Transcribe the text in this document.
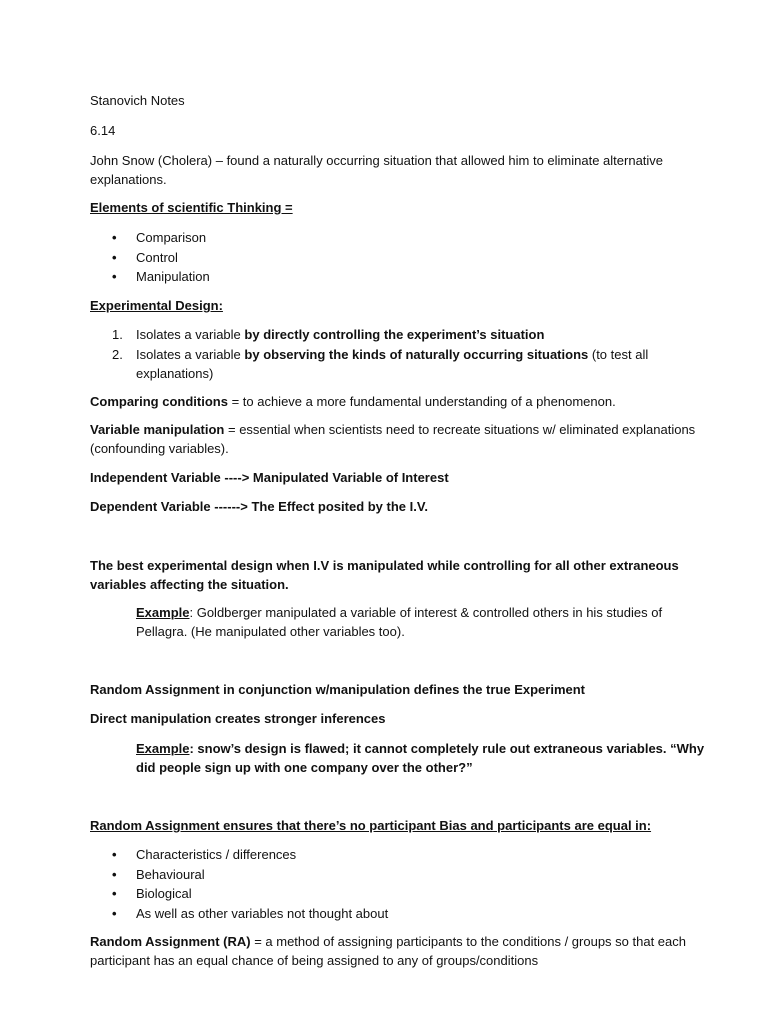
Stanovich Notes

6.14

John Snow (Cholera) – found a naturally occurring situation that allowed him to eliminate alternative explanations.

Elements of scientific Thinking =

• Comparison
• Control
• Manipulation

Experimental Design:

1. Isolates a variable by directly controlling the experiment’s situation
2. Isolates a variable by observing the kinds of naturally occurring situations (to test all explanations)

Comparing conditions = to achieve a more fundamental understanding of a phenomenon.

Variable manipulation = essential when scientists need to recreate situations w/ eliminated explanations (confounding variables).

Independent Variable ----> Manipulated Variable of Interest

Dependent Variable ------> The Effect posited by the I.V.

The best experimental design when I.V is manipulated while controlling for all other extraneous variables affecting the situation.

Example: Goldberger manipulated a variable of interest & controlled others in his studies of Pellagra. (He manipulated other variables too).

Random Assignment in conjunction w/manipulation defines the true Experiment

Direct manipulation creates stronger inferences

Example: snow’s design is flawed; it cannot completely rule out extraneous variables. “Why did people sign up with one company over the other?”

Random Assignment ensures that there’s no participant Bias and participants are equal in:

• Characteristics / differences
• Behavioural
• Biological
• As well as other variables not thought about

Random Assignment (RA) = a method of assigning participants to the conditions / groups so that each participant has an equal chance of being assigned to any of groups/conditions
